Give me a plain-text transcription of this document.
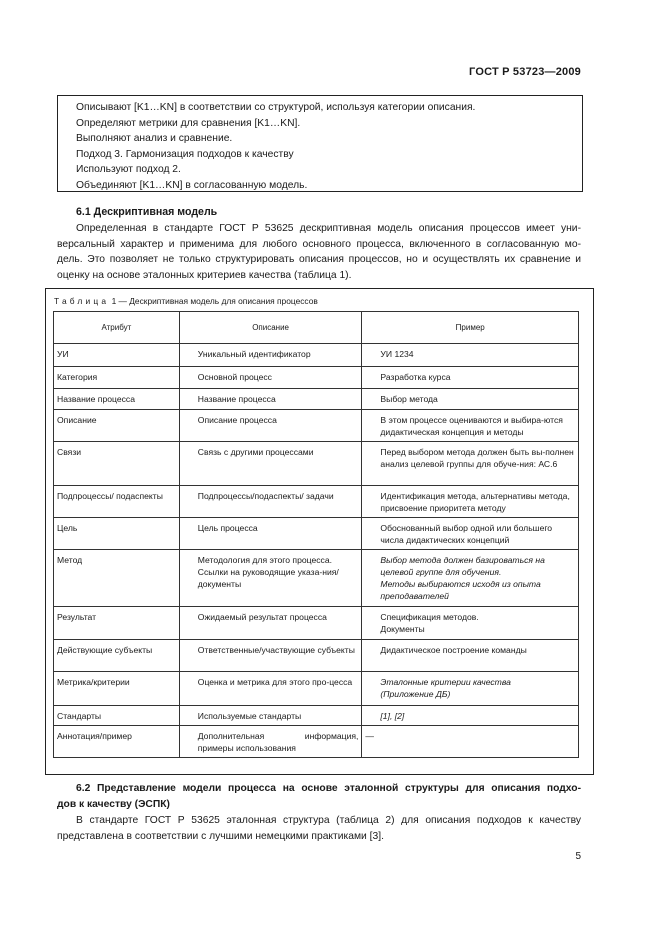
ГОСТ Р 53723—2009
Описывают [K1…KN] в соответствии со структурой, используя категории описания.
Определяют метрики для сравнения [K1…KN].
Выполняют анализ и сравнение.
Подход 3. Гармонизация подходов к качеству
Используют подход 2.
Объединяют [K1…KN] в согласованную модель.
6.1 Дескриптивная модель
Определенная в стандарте ГОСТ Р 53625 дескриптивная модель описания процессов имеет уни-
версальный характер и применима для любого основного процесса, включенного в согласованную мо-
дель. Это позволяет не только структурировать описания процессов, но и осуществлять их сравнение и
оценку на основе эталонных критериев качества (таблица 1).
Таблица 1 — Дескриптивная модель для описания процессов
Атрибут	Описание	Пример
УИ	Уникальный идентификатор	УИ 1234
Категория	Основной процесс	Разработка курса
Название процесса	Название процесса	Выбор метода
Описание	Описание процесса	В этом процессе оцениваются и выбира-ются дидактическая концепция и методы
Связи	Связь с другими процессами	Перед выбором метода должен быть вы-полнен анализ целевой группы для обуче-ния: АС.6
Подпроцессы/ подаспекты	Подпроцессы/подаспекты/ задачи	Идентификация метода, альтернативы метода, присвоение приоритета методу
Цель	Цель процесса	Обоснованный выбор одной или большего числа дидактических концепций
Метод	Методология для этого процесса. Ссылки на руководящие указа-ния/документы	Выбор метода должен базироваться на целевой группе для обучения.
Методы выбираются исходя из опыта преподавателей

Результат	Ожидаемый результат процесса	Спецификация методов.
Документы

Действующие субъекты	Ответственные/участвующие субъекты	Дидактическое построение команды
Метрика/критерии	Оценка и метрика для этого про-цесса	Эталонные критерии качества
(Приложение ДБ)

Стандарты	Используемые стандарты	[1], [2]
Аннотация/пример	Дополнительная информация, примеры использования	—
6.2 Представление модели процесса на основе эталонной структуры для описания подхо-
дов к качеству (ЭСПК)
В стандарте ГОСТ Р 53625 эталонная структура (таблица 2) для описания подходов к качеству
представлена в соответствии с лучшими немецкими практиками [3].
5
